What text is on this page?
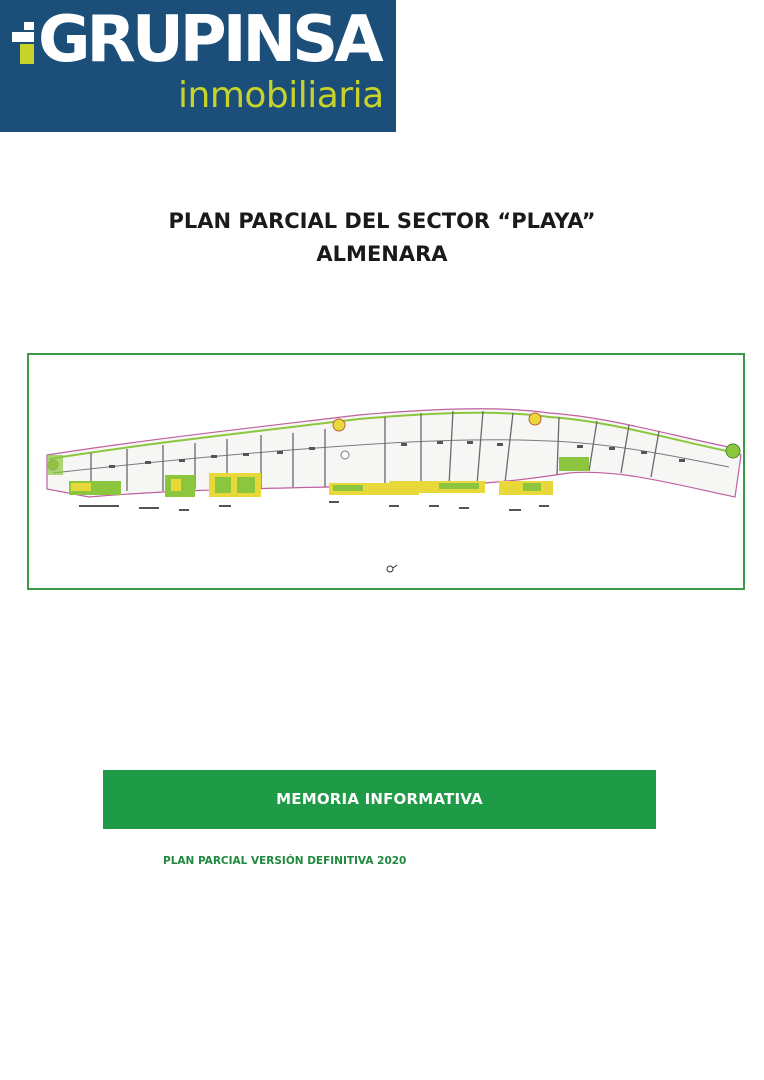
GRUPINSA
inmobiliaria
PLAN PARCIAL DEL SECTOR “PLAYA”
ALMENARA
MEMORIA INFORMATIVA
PLAN PARCIAL VERSIÓN DEFINITIVA 2020
